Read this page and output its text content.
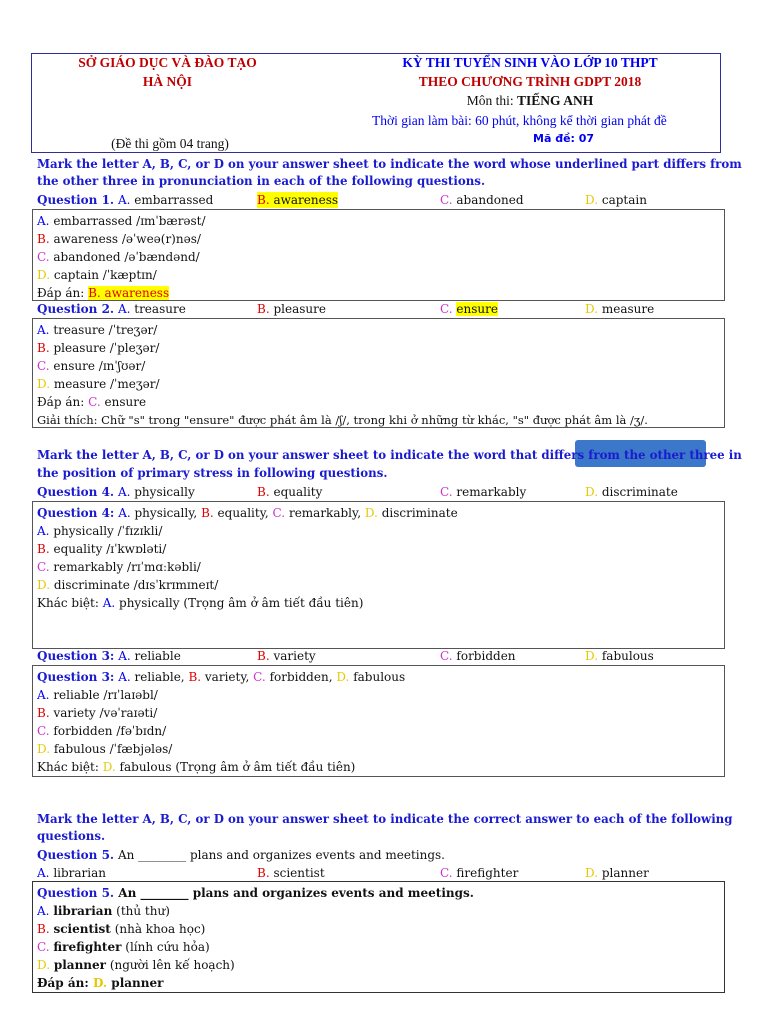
SỞ GIÁO DỤC VÀ ĐÀO TẠO
HÀ NỘI
(Đề thi gồm 04 trang)
KỲ THI TUYỂN SINH VÀO LỚP 10 THPT
THEO CHƯƠNG TRÌNH GDPT 2018
Môn thi: TIẾNG ANH
Thời gian làm bài: 60 phút, không kể thời gian phát đề
Mã đề: 07
Mark the letter A, B, C, or D on your answer sheet to indicate the word whose underlined part differs from
the other three in pronunciation in each of the following questions.
Question 1. A. embarrassed	B. awareness	C. abandoned	D. captain
A. embarrassed /ɪmˈbærəst/
B. awareness /əˈweə(r)nəs/
C. abandoned /əˈbændənd/
D. captain /ˈkæptɪn/
Đáp án: B. awareness
Question 2. A. treasure	B. pleasure	C. ensure	D. measure
A. treasure /ˈtreʒər/
B. pleasure /ˈpleʒər/
C. ensure /ɪnˈʃʊər/
D. measure /ˈmeʒər/
Đáp án: C. ensure
Giải thích: Chữ "s" trong "ensure" được phát âm là /ʃ/, trong khi ở những từ khác, "s" được phát âm là /ʒ/.
Mark the letter A, B, C, or D on your answer sheet to indicate the word that differs from the other three in
the position of primary stress in following questions.
Question 4. A. physically	B. equality	C. remarkably	D. discriminate
Question 4: A. physically, B. equality, C. remarkably, D. discriminate
A. physically /ˈfɪzɪkli/
B. equality /ɪˈkwɒləti/
C. remarkably /rɪˈmɑːkəbli/
D. discriminate /dɪsˈkrɪmɪneɪt/
Khác biệt: A. physically (Trọng âm ở âm tiết đầu tiên)
Question 3: A. reliable	B. variety	C. forbidden	D. fabulous
Question 3: A. reliable, B. variety, C. forbidden, D. fabulous
A. reliable /rɪˈlaɪəbl/
B. variety /vəˈraɪəti/
C. forbidden /fəˈbɪdn/
D. fabulous /ˈfæbjələs/
Khác biệt: D. fabulous (Trọng âm ở âm tiết đầu tiên)
Mark the letter A, B, C, or D on your answer sheet to indicate the correct answer to each of the following
questions.
Question 5. An ________ plans and organizes events and meetings.
A. librarian	B. scientist	C. firefighter	D. planner
Question 5. An ________ plans and organizes events and meetings.
A. librarian (thủ thư)
B. scientist (nhà khoa học)
C. firefighter (lính cứu hỏa)
D. planner (người lên kế hoạch)
Đáp án: D. planner
